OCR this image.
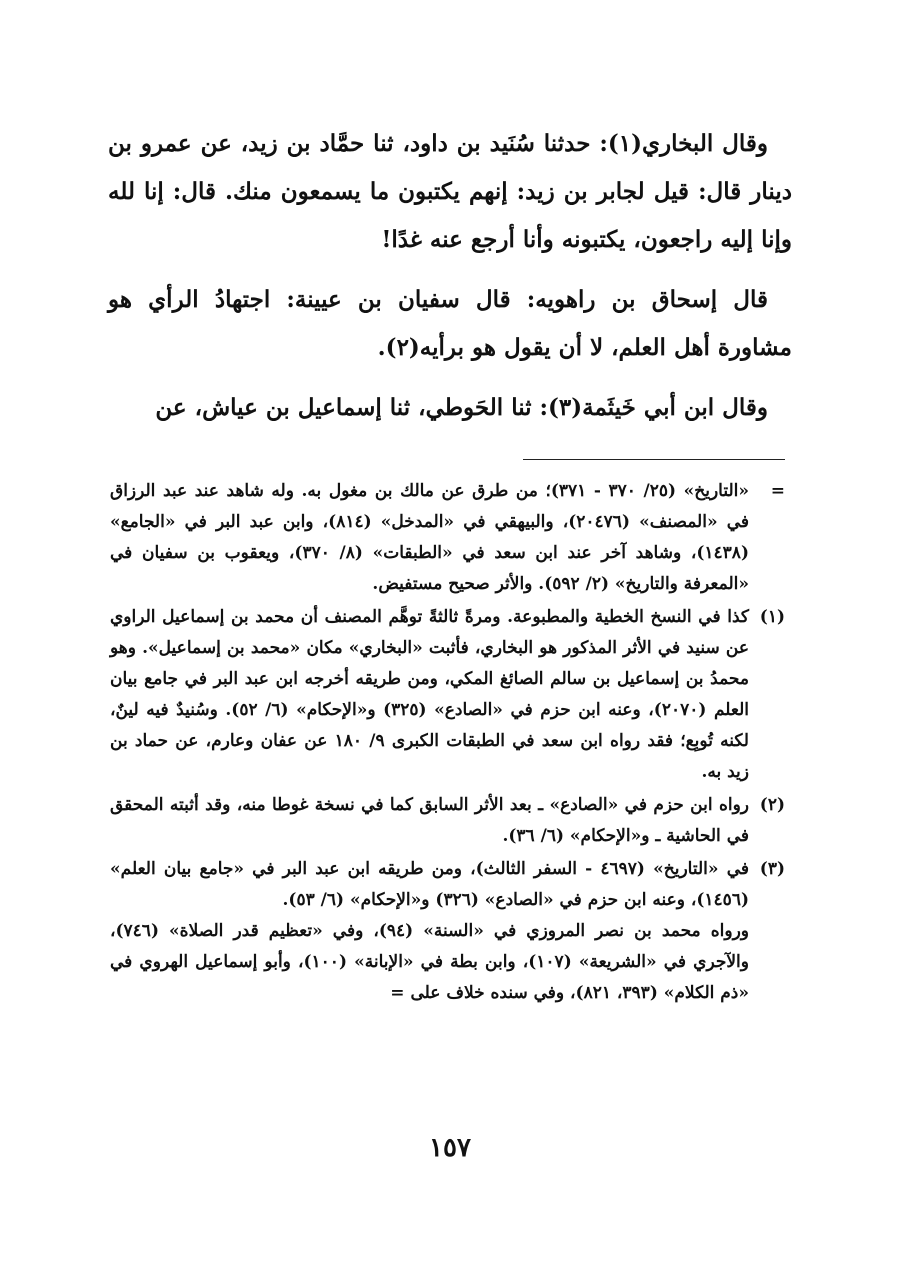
وقال البخاري(١): حدثنا سُنَيد بن داود، ثنا حمَّاد بن زيد، عن عمرو بن دينار قال: قيل لجابر بن زيد: إنهم يكتبون ما يسمعون منك. قال: إنا لله وإنا إليه راجعون، يكتبونه وأنا أرجع عنه غدًا!

قال إسحاق بن راهويه: قال سفيان بن عيينة: اجتهادُ الرأي هو مشاورة أهل العلم، لا أن يقول هو برأيه(٢).

وقال ابن أبي خَيثَمة(٣): ثنا الحَوطي، ثنا إسماعيل بن عياش، عن

=

«التاريخ» (٢٥/ ٣٧٠ - ٣٧١)؛ من طرق عن مالك بن مغول به. وله شاهد عند عبد الرزاق في «المصنف» (٢٠٤٧٦)، والبيهقي في «المدخل» (٨١٤)، وابن عبد البر في «الجامع» (١٤٣٨)، وشاهد آخر عند ابن سعد في «الطبقات» (٨/ ٣٧٠)، ويعقوب بن سفيان في «المعرفة والتاريخ» (٢/ ٥٩٢). والأثر صحيح مستفيض.

(١)

كذا في النسخ الخطية والمطبوعة. ومرةً ثالثةً توهَّم المصنف أن محمد بن إسماعيل الراوي عن سنيد في الأثر المذكور هو البخاري، فأثبت «البخاري» مكان «محمد بن إسماعيل». وهو محمدُ بن إسماعيل بن سالم الصائغ المكي، ومن طريقه أخرجه ابن عبد البر في جامع بيان العلم (٢٠٧٠)، وعنه ابن حزم في «الصادع» (٣٢٥) و«الإحكام» (٦/ ٥٢). وسُنيدٌ فيه لينٌ، لكنه تُوبِع؛ فقد رواه ابن سعد في الطبقات الكبرى ٩/ ١٨٠ عن عفان وعارم، عن حماد بن زيد به.

(٢)

رواه ابن حزم في «الصادع» ـ بعد الأثر السابق كما في نسخة غوطا منه، وقد أثبته المحقق في الحاشية ـ و«الإحكام» (٦/ ٣٦).

(٣)

في «التاريخ» (٤٦٩٧ - السفر الثالث)، ومن طريقه ابن عبد البر في «جامع بيان العلم» (١٤٥٦)، وعنه ابن حزم في «الصادع» (٣٢٦) و«الإحكام» (٦/ ٥٣).

ورواه محمد بن نصر المروزي في «السنة» (٩٤)، وفي «تعظيم قدر الصلاة» (٧٤٦)، والآجري في «الشريعة» (١٠٧)، وابن بطة في «الإبانة» (١٠٠)، وأبو إسماعيل الهروي في «ذم الكلام» (٣٩٣، ٨٢١)، وفي سنده خلاف على =

١٥٧
